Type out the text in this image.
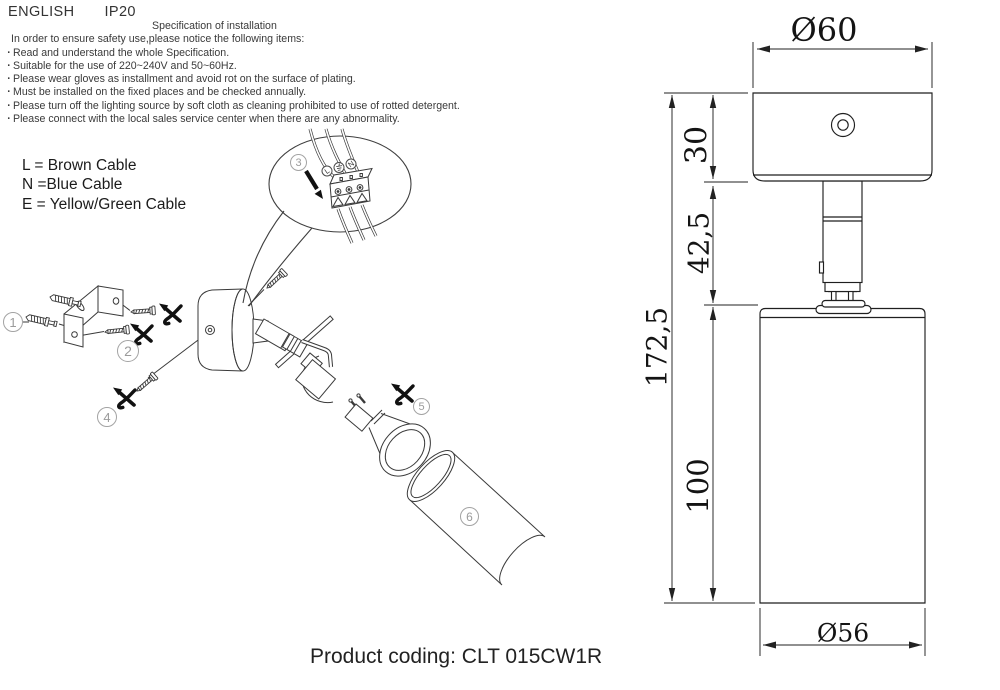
ENGLISH IP20
Specification of installation
In order to ensure safety use,please notice the following items:
· Read and understand the whole Specification.
· Suitable for the use of 220~240V and 50~60Hz.
· Please wear gloves as installment and avoid rot on the surface of plating.
· Must be installed on the fixed places and be checked annually.
· Please turn off the lighting source by soft cloth as cleaning prohibited to use of rotted detergent.
· Please connect with the local sales service center when there are any abnormality.
L = Brown Cable
N =Blue Cable
E = Yellow/Green Cable
1
2
3
4
5
6
L
N
Ø60
30
42,5
172,5
100
Ø56
Product coding: CLT 015CW1R
